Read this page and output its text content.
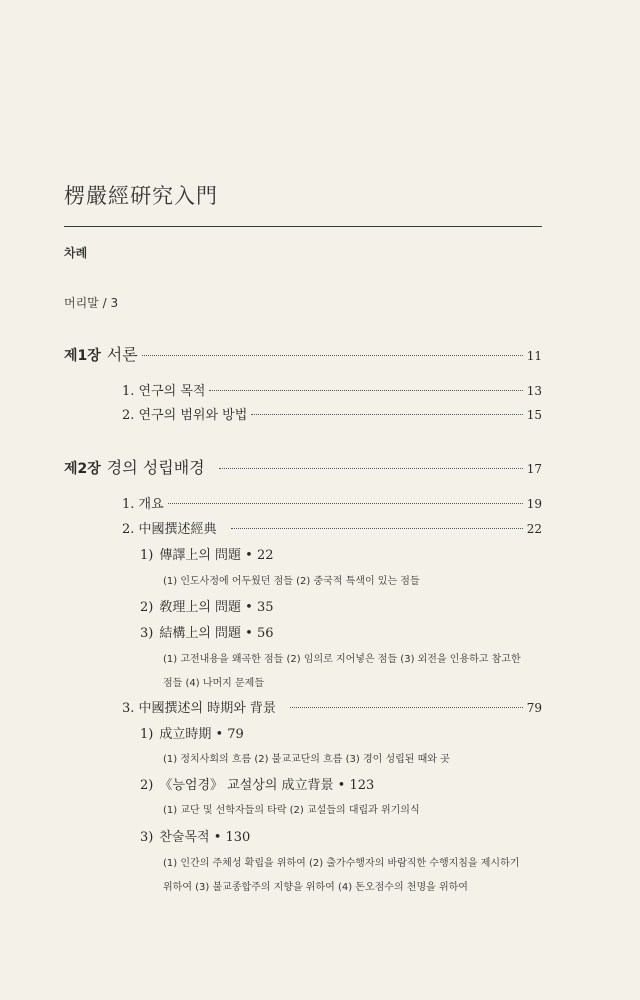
楞嚴經硏究入門
차례
머리말 / 3
제1장 서론	11
1. 연구의 목적	13
2. 연구의 범위와 방법	15
제2장 경의 성립배경	17
1. 개요	19
2. 中國撰述經典	22
1) 傳譯上의 問題 • 22
(1) 인도사정에 어두웠던 점들 (2) 중국적 특색이 있는 점들
2) 敎理上의 問題 • 35
3) 結構上의 問題 • 56
(1) 고전내용을 왜곡한 점들 (2) 임의로 지어넣은 점들 (3) 외전을 인용하고 참고한
점들 (4) 나머지 문제들
3. 中國撰述의 時期와 背景	79
1) 成立時期 • 79
(1) 정치사회의 흐름 (2) 불교교단의 흐름 (3) 경이 성립된 때와 곳
2) 《능엄경》 교설상의 成立背景 • 123
(1) 교단 및 선학자들의 타락 (2) 교설들의 대립과 위기의식
3) 찬술목적 • 130
(1) 인간의 주체성 확립을 위하여 (2) 출가수행자의 바람직한 수행지침을 제시하기
위하여 (3) 불교종합주의 지향을 위하여 (4) 돈오점수의 천명을 위하여
